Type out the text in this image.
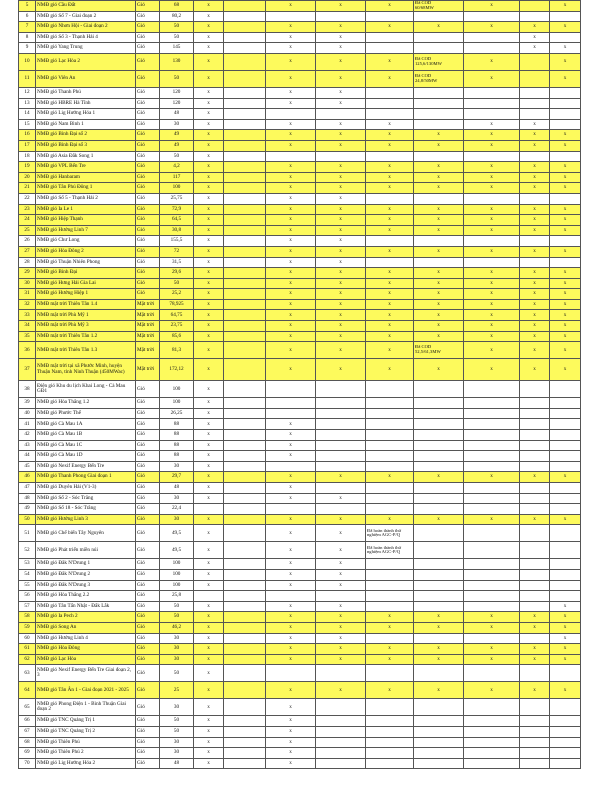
5	NMĐ gió Cầu Đất	Gió	68	x		x	x	x	Đã COD
60/68MW	x		x
6	NMĐ gió Số 7 - Giai đoạn 2	Gió	80,2	x								
7	NMĐ gió Nhơn Hội - Giai đoạn 2	Gió	50	x		x	x	x	x	x	x	x
8	NMĐ gió Số 3 - Thạnh Hải 4	Gió	50	x		x	x				x	
9	NMĐ gió Yang Trung	Gió	145	x		x	x				x	x
10	NMĐ gió Lạc Hòa 2	Gió	130	x		x	x	x	Đã COD
125,6/130MW	x		x
11	NMĐ gió Viên An	Gió	50	x		x	x	x	Đã COD
24,8/50MW	x		x
12	NMĐ gió Thanh Phú	Gió	120	x		x	x					
13	NMĐ gió HBRE Hà Tĩnh	Gió	120	x		x	x					
14	NMĐ gió Lig Hướng Hóa 1	Gió	48	x								
15	NMĐ gió Nam Bình 1	Gió	30	x		x	x	x		x	x	
16	NMĐ gió Bình Đại số 2	Gió	49	x		x	x	x	x	x	x	x
17	NMĐ gió Bình Đại số 3	Gió	49	x		x	x	x	x	x	x	x
18	NMĐ gió Asia Đắk Song 1	Gió	50	x								
19	NMĐ gió VPL Bến Tre	Gió	4,2	x		x	x	x	x	x	x	x
20	NMĐ gió Hanbaram	Gió	117	x		x	x	x	x	x	x	x
21	NMĐ gió Tân Phú Đông 1	Gió	100	x		x	x	x	x	x	x	x
22	NMĐ gió Số 5 - Thạnh Hải 2	Gió	25,75	x		x	x					
23	NMĐ gió Ia Le 1	Gió	72,9	x		x	x	x	x	x	x	x
24	NMĐ gió Hiệp Thạnh	Gió	64,5	x		x	x	x	x	x	x	x
25	NMĐ gió Hướng Linh 7	Gió	30,8	x		x	x	x	x	x	x	x
26	NMĐ gió Chư Long	Gió	155,5	x		x	x					
27	NMĐ gió Hòa Đông 2	Gió	72	x		x	x	x	x	x	x	x
28	NMĐ gió Thuận Nhiên Phong	Gió	31,5	x		x	x					
29	NMĐ gió Bình Đại	Gió	29,6	x		x	x	x	x	x	x	x
30	NMĐ gió Hưng Hải Gia Lai	Gió	50	x		x	x	x	x	x	x	x
31	NMĐ gió Hướng Hiệp 1	Gió	25,2	x		x	x	x	x	x	x	x
32	NMĐ mặt trời Thiên Tân 1.4	Mặt trời	78,925	x		x	x	x	x	x	x	x
33	NMĐ mặt trời Phù Mỹ 1	Mặt trời	64,75	x		x	x	x	x	x	x	x
34	NMĐ mặt trời Phù Mỹ 3	Mặt trời	23,75	x		x	x	x	x	x	x	x
35	NMĐ mặt trời Thiên Tân 1.2	Mặt trời	85,6	x		x	x	x	x	x	x	x
36	NMĐ mặt trời Thiên Tân 1.3	Mặt trời	81,3	x		x	x	x	Đã COD
52,5/61,3MW	x	x	x
37	NMĐ mặt trời tại xã Phước Minh, huyện Thuận Nam, tỉnh Ninh Thuận (450MWac)	Mặt trời	172,12	x		x	x	x	x	x	x	x
38	Điện gió Khu du lịch Khai Long - Cà Mau GĐ1	Gió	100	x								
39	NMĐ gió Hòa Thắng 1.2	Gió	100	x								
40	NMĐ gió Phước Thể	Gió	26,25	x								
41	NMĐ gió Cà Mau 1A	Gió	88	x		x						
42	NMĐ gió Cà Mau 1B	Gió	88	x		x						
43	NMĐ gió Cà Mau 1C	Gió	88	x		x						
44	NMĐ gió Cà Mau 1D	Gió	88	x		x						
45	NMĐ gió Nexif Energy Bến Tre	Gió	30	x								
46	NMĐ gió Thanh Phong Giai đoạn 1	Gió	29,7	x		x	x	x	x	x	x	x
47	NMĐ gió Duyên Hải (V1-3)	Gió	48	x		x						
48	NMĐ gió Số 2 - Sóc Trăng	Gió	30	x		x	x					
49	NMĐ gió Số 18 - Sóc Trăng	Gió	22,4									
50	NMĐ gió Hướng Linh 3	Gió	30	x		x	x	x	x	x	x	x
51	NMĐ gió Chế biến Tây Nguyên	Gió	49,5	x		x	x	Đã hoàn thành thử nghiệm AGC-P/Q				
52	NMĐ gió Phát triển miền núi	Gió	49,5	x		x	x	Đã hoàn thành thử nghiệm AGC-P/Q				
53	NMĐ gió Đăk N'Drung 1	Gió	100	x		x	x					
54	NMĐ gió Đăk N'Drung 2	Gió	100	x		x	x					
55	NMĐ gió Đăk N'Drung 3	Gió	100	x		x	x					
56	NMĐ gió Hòa Thắng 2.2	Gió	25,8									
57	NMĐ gió Tân Tấn Nhật - Đắk Lắk	Gió	50	x		x	x					x
58	NMĐ gió Ia Pech 2	Gió	50	x		x	x	x	x	x	x	x
59	NMĐ gió Song An	Gió	46,2	x		x	x	x	x	x	x	x
60	NMĐ gió Hướng Linh 4	Gió	30	x		x	x					x
61	NMĐ gió Hòa Đông	Gió	30	x		x	x	x	x	x	x	x
62	NMĐ gió Lạc Hòa	Gió	30	x		x	x	x	x	x	x	x
63	NMĐ gió Nexif Energy Bến Tre Giai đoạn 2, 3	Gió	50	x								
64	NMĐ gió Tân Ân 1 - Giai đoạn 2021 - 2025	Gió	25	x		x	x	x	x	x	x	x
65	NMĐ gió Phong Điện 1 - Bình Thuận Giai đoạn 2	Gió	30	x		x						
66	NMĐ gió TNC Quảng Trị 1	Gió	50	x		x						
67	NMĐ gió TNC Quảng Trị 2	Gió	50	x		x						
68	NMĐ gió Thiên Phú	Gió	30	x		x						
69	NMĐ gió Thiên Phú 2	Gió	30	x		x						
70	NMĐ gió Lig Hướng Hóa 2	Gió	48	x		x						
